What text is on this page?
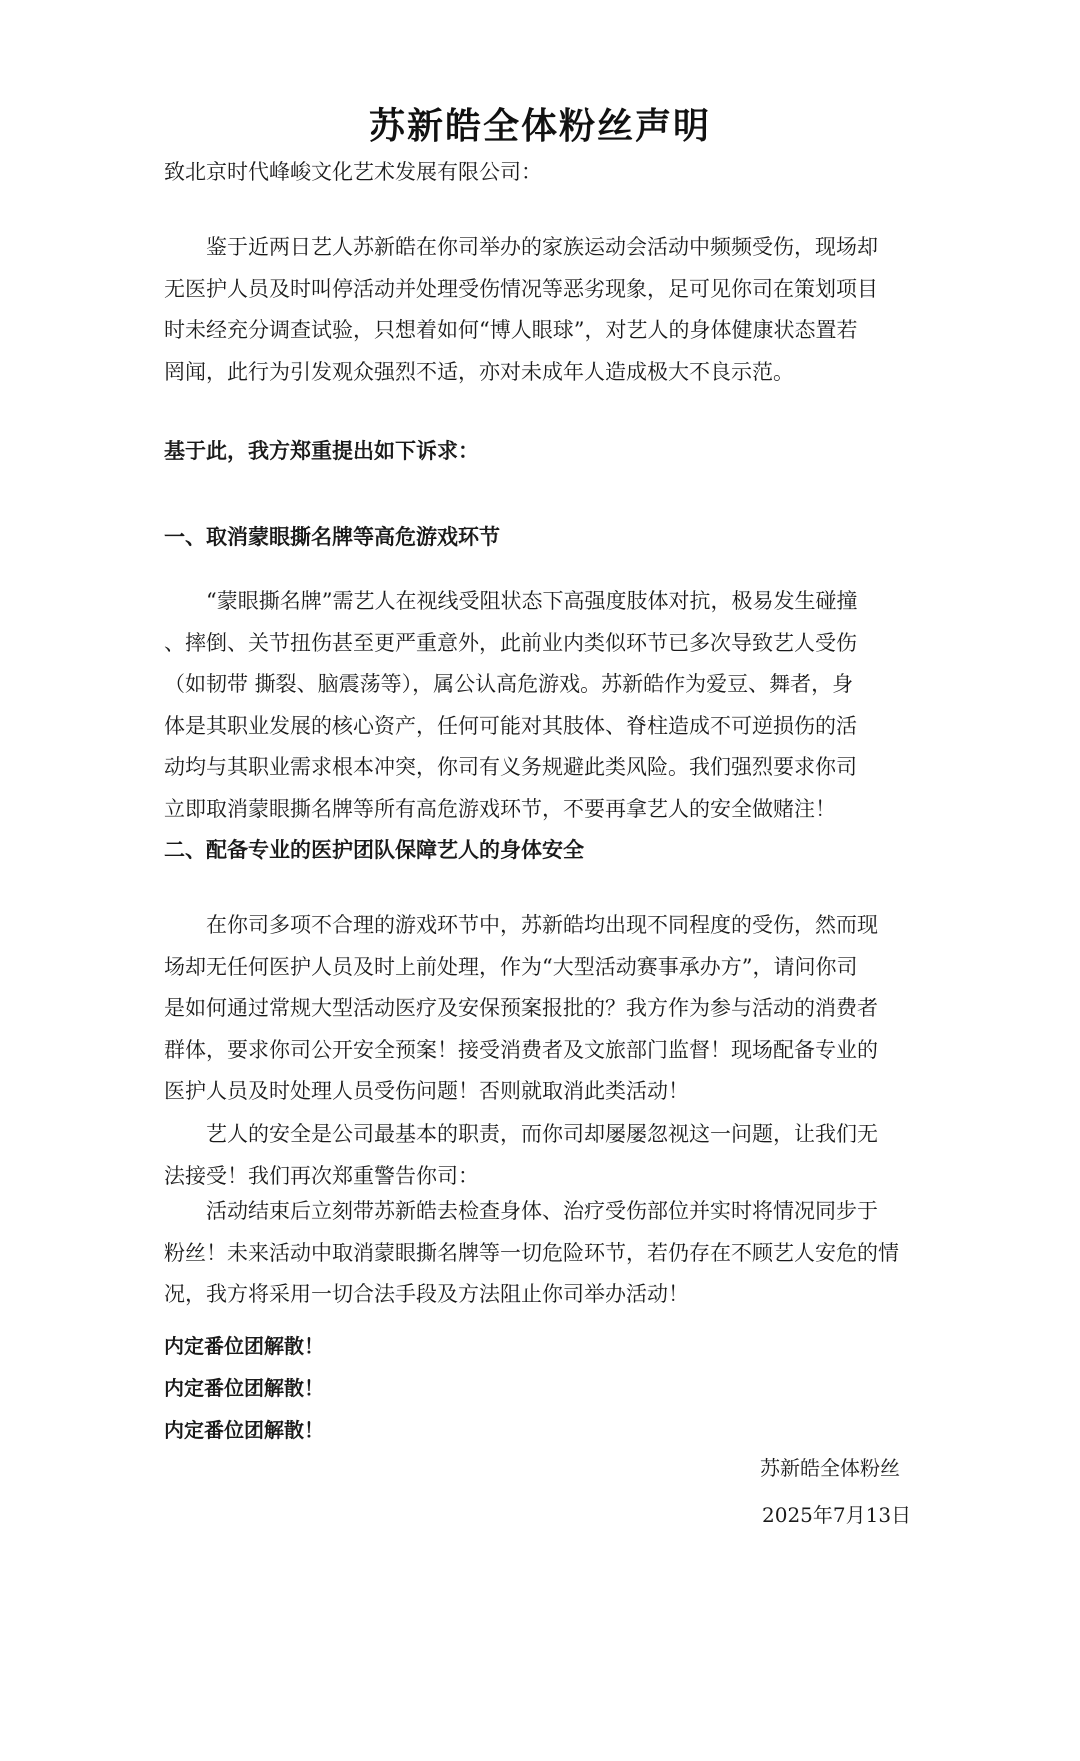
苏新皓全体粉丝声明
致北京时代峰峻文化艺术发展有限公司：
鉴于近两日艺人苏新皓在你司举办的家族运动会活动中频频受伤，现场却
无医护人员及时叫停活动并处理受伤情况等恶劣现象，足可见你司在策划项目
时未经充分调查试验，只想着如何“博人眼球”，对艺人的身体健康状态置若
罔闻，此行为引发观众强烈不适，亦对未成年人造成极大不良示范。
基于此，我方郑重提出如下诉求：
一、取消蒙眼撕名牌等高危游戏环节
“蒙眼撕名牌”需艺人在视线受阻状态下高强度肢体对抗，极易发生碰撞
、摔倒、关节扭伤甚至更严重意外，此前业内类似环节已多次导致艺人受伤
（如韧带 撕裂、脑震荡等），属公认高危游戏。苏新皓作为爱豆、舞者，身
体是其职业发展的核心资产，任何可能对其肢体、脊柱造成不可逆损伤的活
动均与其职业需求根本冲突，你司有义务规避此类风险。我们强烈要求你司
立即取消蒙眼撕名牌等所有高危游戏环节，不要再拿艺人的安全做赌注！
二、配备专业的医护团队保障艺人的身体安全
在你司多项不合理的游戏环节中，苏新皓均出现不同程度的受伤，然而现
场却无任何医护人员及时上前处理，作为“大型活动赛事承办方”，请问你司
是如何通过常规大型活动医疗及安保预案报批的？我方作为参与活动的消费者
群体，要求你司公开安全预案！接受消费者及文旅部门监督！现场配备专业的
医护人员及时处理人员受伤问题！否则就取消此类活动！
艺人的安全是公司最基本的职责，而你司却屡屡忽视这一问题，让我们无
法接受！我们再次郑重警告你司：
活动结束后立刻带苏新皓去检查身体、治疗受伤部位并实时将情况同步于
粉丝！未来活动中取消蒙眼撕名牌等一切危险环节，若仍存在不顾艺人安危的情
况，我方将采用一切合法手段及方法阻止你司举办活动！
内定番位团解散！
内定番位团解散！
内定番位团解散！
苏新皓全体粉丝
2025年7月13日
